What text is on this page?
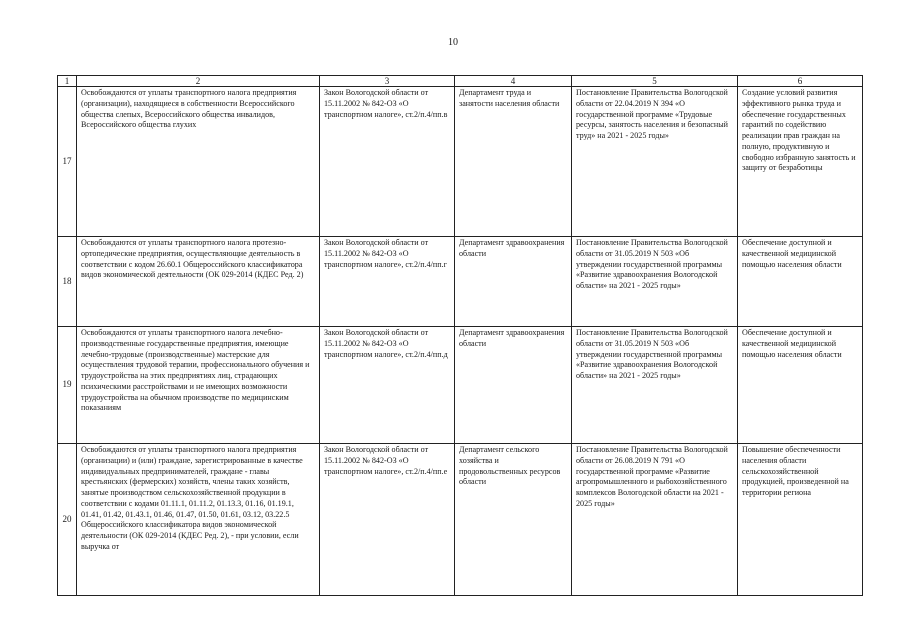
10
1	2	3	4	5	6
17	Освобождаются от уплаты транспортного налога предприятия (организации), находящиеся в собственности Всероссийского общества слепых, Всероссийского общества инвалидов, Всероссийского общества глухих	Закон Вологодской области от 15.11.2002 № 842-ОЗ «О транспортном налоге», ст.2/п.4/пп.в	Департамент труда и занятости населения области	Постановление Правительства Вологодской области от 22.04.2019 N 394 «О государственной программе «Трудовые ресурсы, занятость населения и безопасный труд» на 2021 - 2025 годы»	Создание условий развития эффективного рынка труда и обеспечение государственных гарантий по содействию реализации прав граждан на полную, продуктивную и свободно избранную занятость и защиту от безработицы
18	Освобождаются от уплаты транспортного налога протезно-ортопедические предприятия, осуществляющие деятельность в соответствии с кодом 26.60.1 Общероссийского классификатора видов экономической деятельности (ОК 029-2014 (КДЕС Ред. 2)	Закон Вологодской области от 15.11.2002 № 842-ОЗ «О транспортном налоге», ст.2/п.4/пп.г	Департамент здравоохранения области	Постановление Правительства Вологодской области от 31.05.2019 N 503 «Об утверждении государственной программы «Развитие здравоохранения Вологодской области» на 2021 - 2025 годы»	Обеспечение доступной и качественной медицинской помощью населения области
19	Освобождаются от уплаты транспортного налога лечебно-производственные государственные предприятия, имеющие лечебно-трудовые (производственные) мастерские для осуществления трудовой терапии, профессионального обучения и трудоустройства на этих предприятиях лиц, страдающих психическими расстройствами и не имеющих возможности трудоустройства на обычном производстве по медицинским показаниям	Закон Вологодской области от 15.11.2002 № 842-ОЗ «О транспортном налоге», ст.2/п.4/пп.д	Департамент здравоохранения области	Постановление Правительства Вологодской области от 31.05.2019 N 503 «Об утверждении государственной программы «Развитие здравоохранения Вологодской области» на 2021 - 2025 годы»	Обеспечение доступной и качественной медицинской помощью населения области
20	Освобождаются от уплаты транспортного налога предприятия (организации) и (или) граждане, зарегистрированные в качестве индивидуальных предпринимателей, граждане - главы крестьянских (фермерских) хозяйств, члены таких хозяйств, занятые производством сельскохозяйственной продукции в соответствии с кодами 01.11.1, 01.11.2, 01.13.3, 01.16, 01.19.1, 01.41, 01.42, 01.43.1, 01.46, 01.47, 01.50, 01.61, 03.12, 03.22.5 Общероссийского классификатора видов экономической деятельности (ОК 029-2014 (КДЕС Ред. 2), - при условии, если выручка от	Закон Вологодской области от 15.11.2002 № 842-ОЗ «О транспортном налоге», ст.2/п.4/пп.е	Департамент сельского хозяйства и продовольственных ресурсов области	Постановление Правительства Вологодской области от 26.08.2019 N 791 «О государственной программе «Развитие агропромышленного и рыбохозяйственного комплексов Вологодской области на 2021 - 2025 годы»	Повышение обеспеченности населения области сельскохозяйственной продукцией, произведенной на территории региона
